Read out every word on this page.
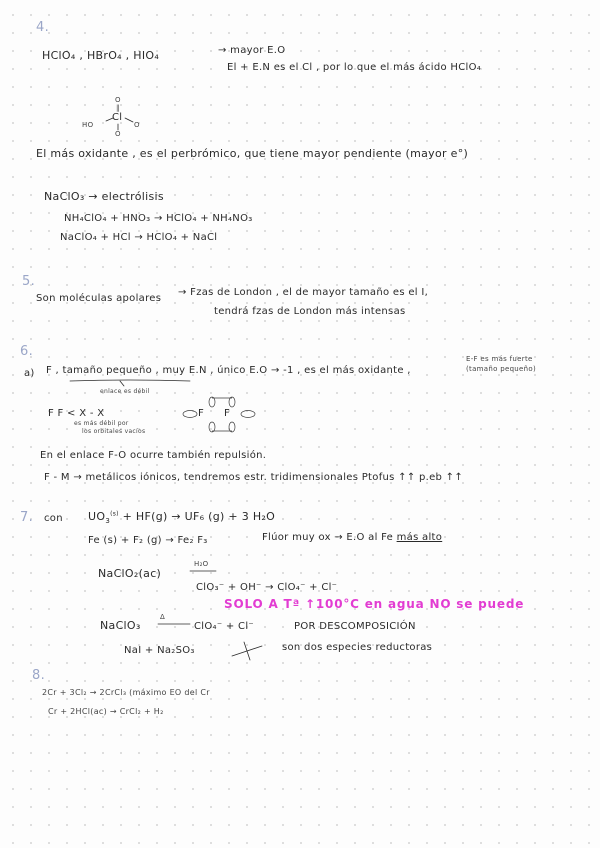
4.
HClO₄ , HBrO₄ , HIO₄	→ mayor E.O
El + E.N es el Cl , por lo que el más ácido HClO₄
O
‖
Cl
HO	O
O
El más oxidante , es el perbrómico, que tiene mayor pendiente (mayor e°)
NaClO₃ → electrólisis
NH₄ClO₄ + HNO₃ → HClO₄ + NH₄NO₃
NaClO₄ + HCl → HClO₄ + NaCl
5.
Son moléculas apolares
→ Fzas de London , el de mayor tamaño es el I,
tendrá fzas de London más intensas
6.
a) F , tamaño pequeño , muy E.N , único E.O → -1 , es el más oxidante ,
E-F es más fuerte
(tamaño pequeño)
enlace es débil
F F < X - X
es más débil por
los orbitales vacíos
F F
En el enlace F-O ocurre también repulsión.
F - M → metálicos iónicos, tendremos estr. tridimensionales Ptofus ↑↑ p.eb ↑↑
7. con $UO_3^{(s)} + HF(g) \to UF_6$ (g) + 3 H₂O
Fe (s) + F₂ (g) → Fe₂ F₃	Flúor muy ox → E.O al Fe más alto
NaClO₂(ac)
H₂O
ClO₃⁻ + OH⁻ → ClO₄⁻ + Cl⁻
SOLO A Tª ↑100°C en agua NO se puede
NaClO₃
Δ
ClO₄⁻ + Cl⁻	POR DESCOMPOSICIÓN
NaI + Na₂SO₃	son dos especies reductoras
8.
2Cr + 3Cl₂ → 2CrCl₃ (máximo EO del Cr
Cr + 2HCl(ac) → CrCl₂ + H₂
